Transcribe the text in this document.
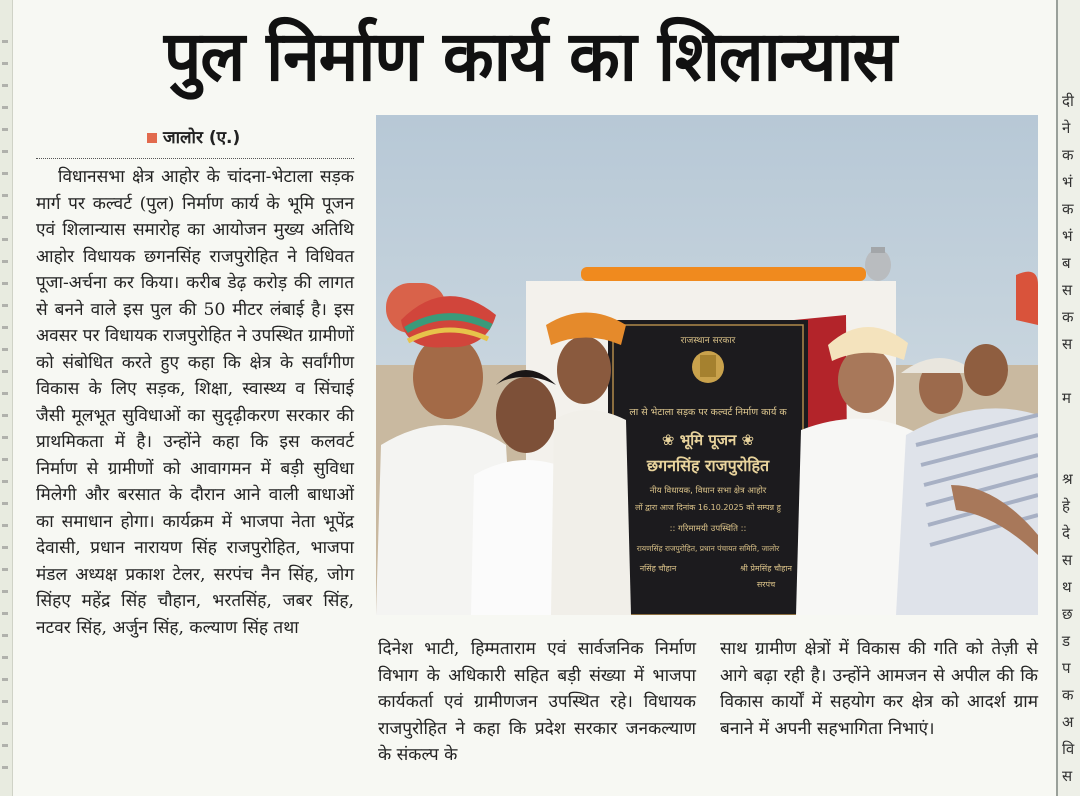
दी
ने
क
भं
क
भं
ब
स
क
स

म

श्र
हे
दे
स
थ
छ
ड
प
क
अ
वि
स
पुल निर्माण कार्य का शिलान्यास
जालोर (ए.)
विधानसभा क्षेत्र आहोर के चांदना-भेटाला सड़क मार्ग पर कल्वर्ट (पुल) निर्माण कार्य के भूमि पूजन एवं शिलान्यास समारोह का आयोजन मुख्य अतिथि आहोर विधायक छगनसिंह राजपुरोहित ने विधिवत पूजा-अर्चना कर किया। करीब डेढ़ करोड़ की लागत से बनने वाले इस पुल की 50 मीटर लंबाई है। इस अवसर पर विधायक राजपुरोहित ने उपस्थित ग्रामीणों को संबोधित करते हुए कहा कि क्षेत्र के सर्वांगीण विकास के लिए सड़क, शिक्षा, स्वास्थ्य व सिंचाई जैसी मूलभूत सुविधाओं का सुदृढ़ीकरण सरकार की प्राथमिकता में है। उन्होंने कहा कि इस कलवर्ट निर्माण से ग्रामीणों को आवागमन में बड़ी सुविधा मिलेगी और बरसात के दौरान आने वाली बाधाओं का समाधान होगा। कार्यक्रम में भाजपा नेता भूपेंद्र देवासी, प्रधान नारायण सिंह राजपुरोहित, भाजपा मंडल अध्यक्ष प्रकाश टेलर, सरपंच नैन सिंह, जोग सिंहए महेंद्र सिंह चौहान, भरतसिंह, जबर सिंह, नटवर सिंह, अर्जुन सिंह, कल्याण सिंह तथा
राजस्थान सरकार
ला से भेटाला सड़क पर कल्वर्ट निर्माण कार्य क
❀ भूमि पूजन ❀
छगनसिंह राजपुरोहित
नीय विधायक, विधान सभा क्षेत्र आहोर
लों द्वारा आज दिनांक 16.10.2025 को सम्पन्न हु
:: गरिमामयी उपस्थिति ::
रायणसिंह राजपुरोहित, प्रधान पंचायत समिति, जालोर
नसिंह चौहान	श्री प्रेमसिंह चौहान
सरपंच
दिनेश भाटी, हिम्मताराम एवं सार्वजनिक निर्माण विभाग के अधिकारी सहित बड़ी संख्या में भाजपा कार्यकर्ता एवं ग्रामीणजन उपस्थित रहे। विधायक राजपुरोहित ने कहा कि प्रदेश सरकार जनकल्याण के संकल्प के
साथ ग्रामीण क्षेत्रों में विकास की गति को तेज़ी से आगे बढ़ा रही है। उन्होंने आमजन से अपील की कि विकास कार्यों में सहयोग कर क्षेत्र को आदर्श ग्राम बनाने में अपनी सहभागिता निभाएं।
